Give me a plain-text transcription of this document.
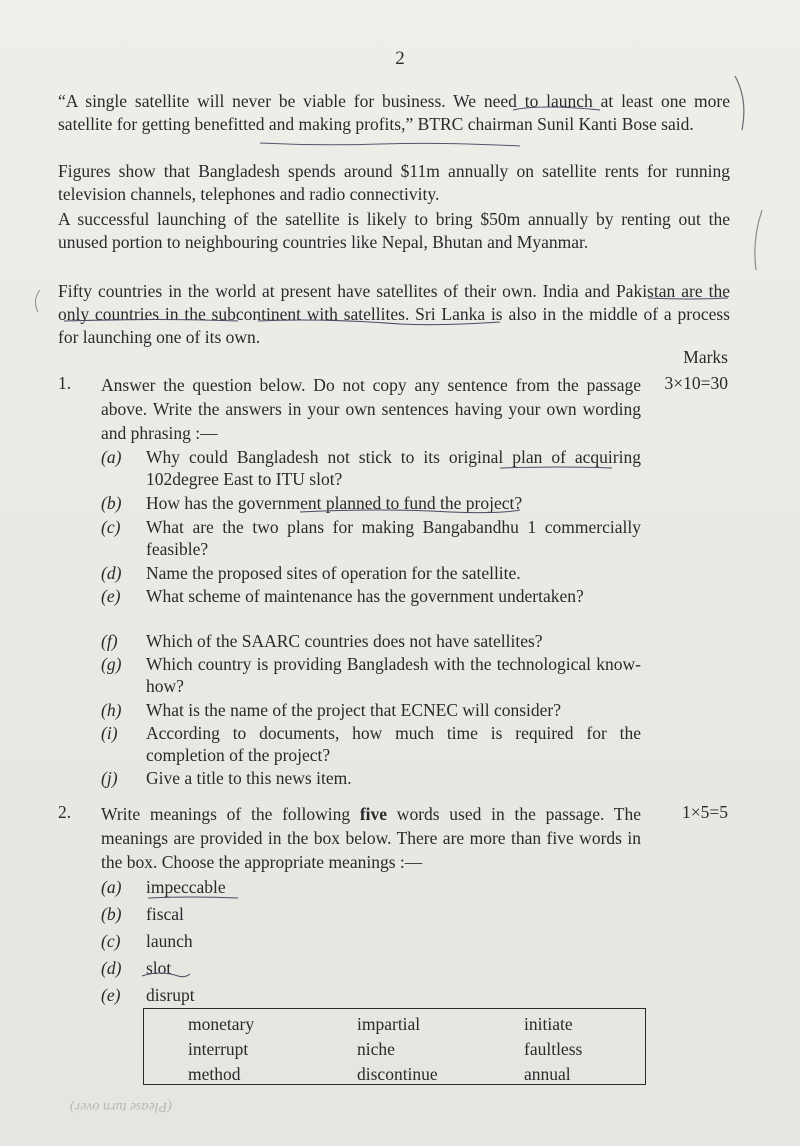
2
“A single satellite will never be viable for business. We need to launch at least one more satellite for getting benefitted and making profits,” BTRC chairman Sunil Kanti Bose said.
Figures show that Bangladesh spends around $11m annually on satellite rents for running television channels, telephones and radio connectivity.
A successful launching of the satellite is likely to bring $50m annually by renting out the unused portion to neighbouring countries like Nepal, Bhutan and Myanmar.
Fifty countries in the world at present have satellites of their own. India and Pakistan are the only countries in the subcontinent with satellites. Sri Lanka is also in the middle of a process for launching one of its own.
Marks
1. Answer the question below. Do not copy any sentence from the passage above. Write the answers in your own sentences having your own wording and phrasing :—
3×10=30
(a)	Why could Bangladesh not stick to its original plan of acquiring 102degree East to ITU slot?
(b)	How has the government planned to fund the project?
(c)	What are the two plans for making Bangabandhu 1 commercially feasible?
(d)	Name the proposed sites of operation for the satellite.
(e)	What scheme of maintenance has the government undertaken?
(f)	Which of the SAARC countries does not have satellites?
(g)	Which country is providing Bangladesh with the technological know-how?
(h)	What is the name of the project that ECNEC will consider?
(i)	According to documents, how much time is required for the completion of the project?
(j)	Give a title to this news item.
2. Write meanings of the following five words used in the passage. The meanings are provided in the box below. There are more than five words in the box. Choose the appropriate meanings :—
1×5=5
(a)	impeccable
(b)	fiscal
(c)	launch
(d)	slot
(e)	disrupt
monetary	impartial	initiate
interrupt	niche	faultless
method	discontinue	annual
(Please turn over)
